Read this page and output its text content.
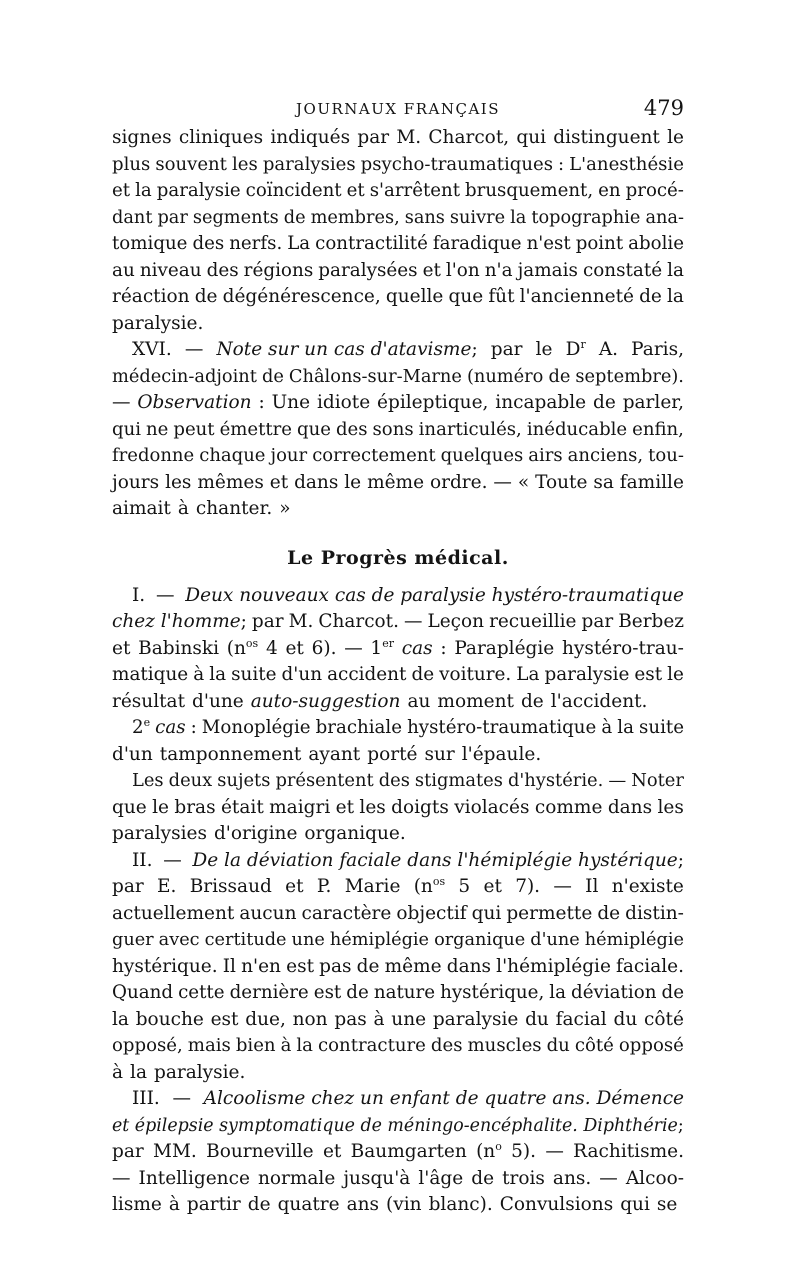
JOURNAUX FRANÇAIS	479
signes cliniques indiqués par M. Charcot, qui distinguent le
plus souvent les paralysies psycho-traumatiques : L'anesthésie
et la paralysie coïncident et s'arrêtent brusquement, en procé-
dant par segments de membres, sans suivre la topographie ana-
tomique des nerfs. La contractilité faradique n'est point abolie
au niveau des régions paralysées et l'on n'a jamais constaté la
réaction de dégénérescence, quelle que fût l'ancienneté de la
paralysie.
XVI. — Note sur un cas d'atavisme; par le $D^r$ A. Paris,
médecin-adjoint de Châlons-sur-Marne (numéro de septembre).
— Observation : Une idiote épileptique, incapable de parler,
qui ne peut émettre que des sons inarticulés, inéducable enfin,
fredonne chaque jour correctement quelques airs anciens, tou-
jours les mêmes et dans le même ordre. — « Toute sa famille
aimait à chanter. »
Le Progrès médical.
I. — Deux nouveaux cas de paralysie hystéro-traumatique
chez l'homme; par M. Charcot. — Leçon recueillie par Berbez
et Babinski ($n^{os}$ 4 et 6). — 1er cas : Paraplégie hystéro-trau-
matique à la suite d'un accident de voiture. La paralysie est le
résultat d'une auto-suggestion au moment de l'accident.
2e cas : Monoplégie brachiale hystéro-traumatique à la suite
d'un tamponnement ayant porté sur l'épaule.
Les deux sujets présentent des stigmates d'hystérie. — Noter
que le bras était maigri et les doigts violacés comme dans les
paralysies d'origine organique.
II. — De la déviation faciale dans l'hémiplégie hystérique;
par E. Brissaud et P. Marie ($n^{os}$ 5 et 7). — Il n'existe
actuellement aucun caractère objectif qui permette de distin-
guer avec certitude une hémiplégie organique d'une hémiplégie
hystérique. Il n'en est pas de même dans l'hémiplégie faciale.
Quand cette dernière est de nature hystérique, la déviation de
la bouche est due, non pas à une paralysie du facial du côté
opposé, mais bien à la contracture des muscles du côté opposé
à la paralysie.
III. — Alcoolisme chez un enfant de quatre ans. Démence
et épilepsie symptomatique de méningo-encéphalite. Diphthérie;
par MM. Bourneville et Baumgarten ($n^o$ 5). — Rachitisme.
— Intelligence normale jusqu'à l'âge de trois ans. — Alcoo-
lisme à partir de quatre ans (vin blanc). Convulsions qui se
